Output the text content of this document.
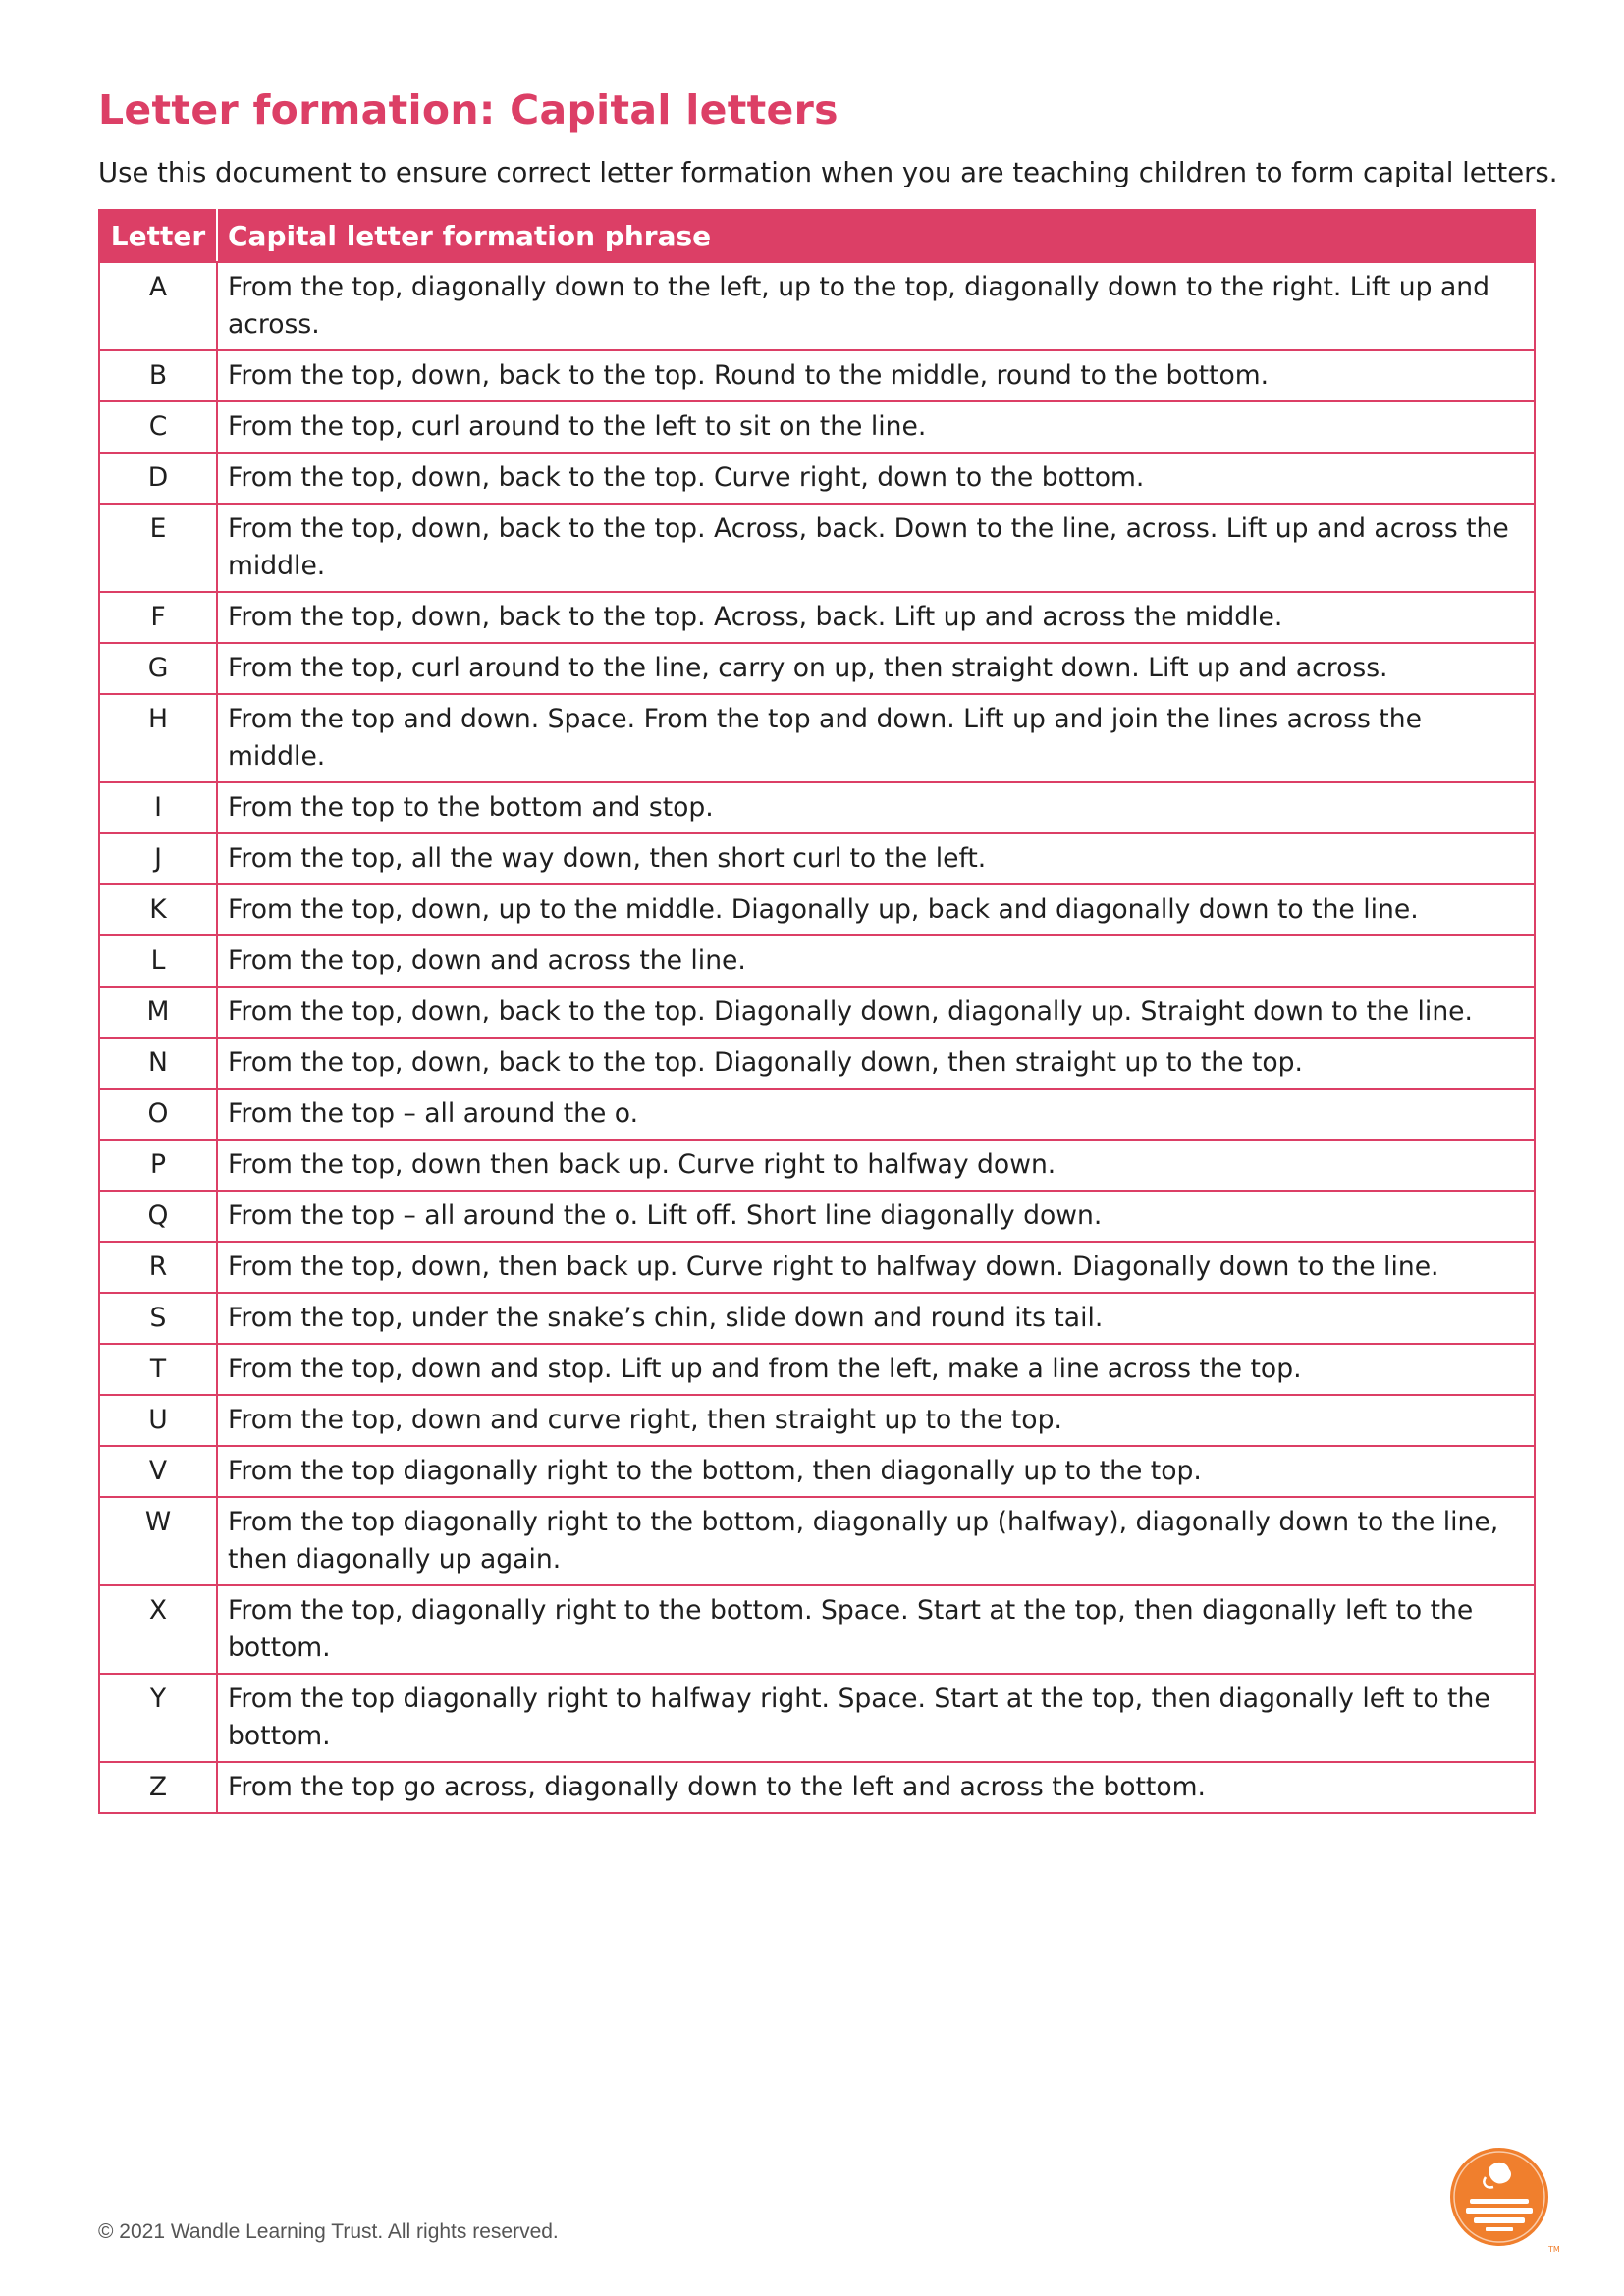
Letter formation: Capital letters

Use this document to ensure correct letter formation when you are teaching children to form capital letters.

Letter	Capital letter formation phrase
A	From the top, diagonally down to the left, up to the top, diagonally down to the right. Lift up and across.
B	From the top, down, back to the top. Round to the middle, round to the bottom.
C	From the top, curl around to the left to sit on the line.
D	From the top, down, back to the top. Curve right, down to the bottom.
E	From the top, down, back to the top. Across, back. Down to the line, across. Lift up and across the middle.
F	From the top, down, back to the top. Across, back. Lift up and across the middle.
G	From the top, curl around to the line, carry on up, then straight down. Lift up and across.
H	From the top and down. Space. From the top and down. Lift up and join the lines across the middle.
I	From the top to the bottom and stop.
J	From the top, all the way down, then short curl to the left.
K	From the top, down, up to the middle. Diagonally up, back and diagonally down to the line.
L	From the top, down and across the line.
M	From the top, down, back to the top. Diagonally down, diagonally up. Straight down to the line.
N	From the top, down, back to the top. Diagonally down, then straight up to the top.
O	From the top – all around the o.
P	From the top, down then back up. Curve right to halfway down.
Q	From the top – all around the o. Lift off. Short line diagonally down.
R	From the top, down, then back up. Curve right to halfway down. Diagonally down to the line.
S	From the top, under the snake’s chin, slide down and round its tail.
T	From the top, down and stop. Lift up and from the left, make a line across the top.
U	From the top, down and curve right, then straight up to the top.
V	From the top diagonally right to the bottom, then diagonally up to the top.
W	From the top diagonally right to the bottom, diagonally up (halfway), diagonally down to the line, then diagonally up again.
X	From the top, diagonally right to the bottom. Space. Start at the top, then diagonally left to the bottom.
Y	From the top diagonally right to halfway right. Space. Start at the top, then diagonally left to the bottom.
Z	From the top go across, diagonally down to the left and across the bottom.
© 2021 Wandle Learning Trust. All rights reserved.
TM
